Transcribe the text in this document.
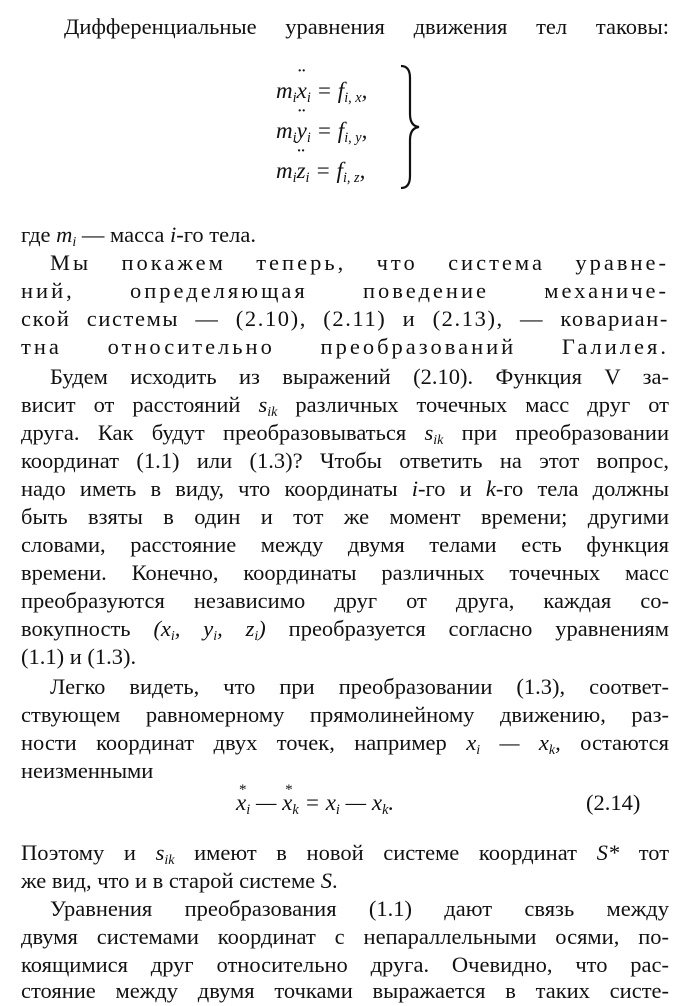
Дифференциальные уравнения движения тел таковы:
$m_i¨$ $x_i = f_{i, x}$,
$m_i¨$ $y_i = f_{i, y}$,
$m_i¨$ $z_i = f_{i, z}$,
где $m_i$ — масса i-го тела.
Мы покажем теперь, что система уравне-
ний, определяющая поведение механиче-
ской системы — (2.10), (2.11) и (2.13), — ковариан-
тна относительно преобразований Галилея.
Будем исходить из выражений (2.10). Функция V за-
висит от расстояний $s_{ik}$ различных точечных масс друг от
друга. Как будут преобразовываться $s_{ik}$ при преобразовании
координат (1.1) или (1.3)? Чтобы ответить на этот вопрос,
надо иметь в виду, что координаты i-го и k-го тела должны
быть взяты в один и тот же момент времени; другими
словами, расстояние между двумя телами есть функция
времени. Конечно, координаты различных точечных масс
преобразуются независимо друг от друга, каждая со-
вокупность ($x_i$, $y_i$, $z_i$) преобразуется согласно уравнениям
(1.1) и (1.3).
Легко видеть, что при преобразовании (1.3), соответ-
ствующем равномерному прямолинейному движению, раз-
ности координат двух точек, например $x_i$ — $x_k$, остаются
неизменными
x $*_i$ — x $*_k = x_i$ — $x_k$.	(2.14)
Поэтому и $s_{ik}$ имеют в новой системе координат S* тот
же вид, что и в старой системе S.
Уравнения преобразования (1.1) дают связь между
двумя системами координат с непараллельными осями, по-
коящимися друг относительно друга. Очевидно, что рас-
стояние между двумя точками выражается в таких систе-
